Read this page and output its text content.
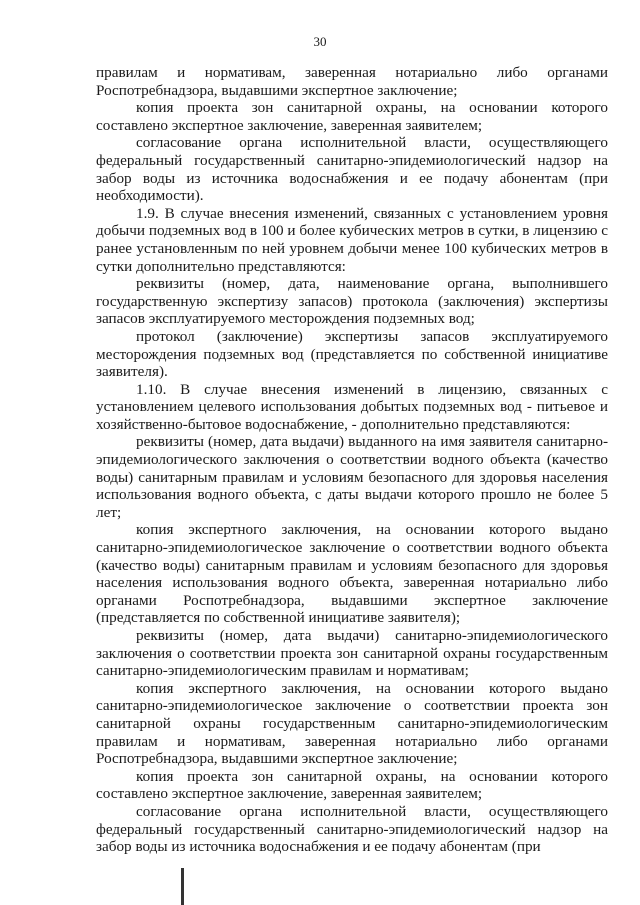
30

правилам и нормативам, заверенная нотариально либо органами Роспотребнадзора, выдавшими экспертное заключение;

копия проекта зон санитарной охраны, на основании которого составлено экспертное заключение, заверенная заявителем;

согласование органа исполнительной власти, осуществляющего федеральный государственный санитарно-эпидемиологический надзор на забор воды из источника водоснабжения и ее подачу абонентам (при необходимости).

1.9. В случае внесения изменений, связанных с установлением уровня добычи подземных вод в 100 и более кубических метров в сутки, в лицензию с ранее установленным по ней уровнем добычи менее 100 кубических метров в сутки дополнительно представляются:

реквизиты (номер, дата, наименование органа, выполнившего государственную экспертизу запасов) протокола (заключения) экспертизы запасов эксплуатируемого месторождения подземных вод;

протокол (заключение) экспертизы запасов эксплуатируемого месторождения подземных вод (представляется по собственной инициативе заявителя).

1.10. В случае внесения изменений в лицензию, связанных с установлением целевого использования добытых подземных вод - питьевое и хозяйственно-бытовое водоснабжение, - дополнительно представляются:

реквизиты (номер, дата выдачи) выданного на имя заявителя санитарно-эпидемиологического заключения о соответствии водного объекта (качество воды) санитарным правилам и условиям безопасного для здоровья населения использования водного объекта, с даты выдачи которого прошло не более 5 лет;

копия экспертного заключения, на основании которого выдано санитарно-эпидемиологическое заключение о соответствии водного объекта (качество воды) санитарным правилам и условиям безопасного для здоровья населения использования водного объекта, заверенная нотариально либо органами Роспотребнадзора, выдавшими экспертное заключение (представляется по собственной инициативе заявителя);

реквизиты (номер, дата выдачи) санитарно-эпидемиологического заключения о соответствии проекта зон санитарной охраны государственным санитарно-эпидемиологическим правилам и нормативам;

копия экспертного заключения, на основании которого выдано санитарно-эпидемиологическое заключение о соответствии проекта зон санитарной охраны государственным санитарно-эпидемиологическим правилам и нормативам, заверенная нотариально либо органами Роспотребнадзора, выдавшими экспертное заключение;

копия проекта зон санитарной охраны, на основании которого составлено экспертное заключение, заверенная заявителем;

согласование органа исполнительной власти, осуществляющего федеральный государственный санитарно-эпидемиологический надзор на забор воды из источника водоснабжения и ее подачу абонентам (при
